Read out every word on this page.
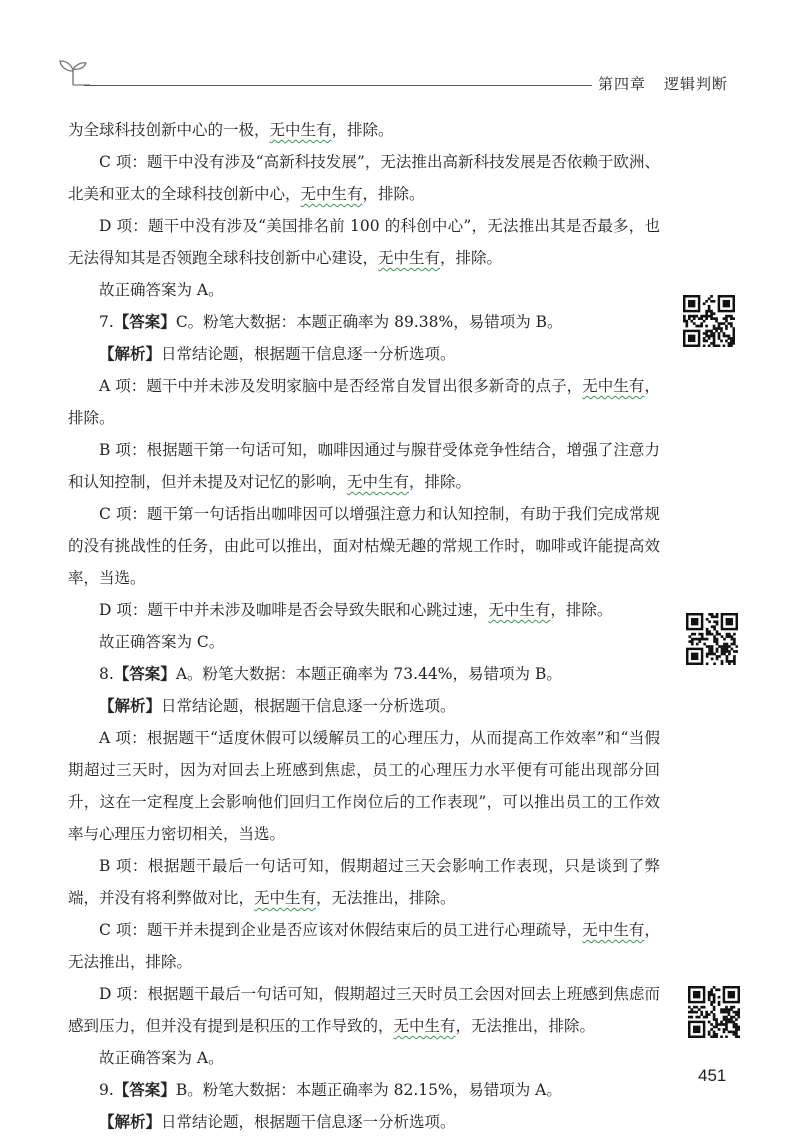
第四章 逻辑判断

为全球科技创新中心的一极，无中生有，排除。

C 项：题干中没有涉及“高新科技发展”，无法推出高新科技发展是否依赖于欧洲、北美和亚太的全球科技创新中心，无中生有，排除。

D 项：题干中没有涉及“美国排名前 100 的科创中心”，无法推出其是否最多，也无法得知其是否领跑全球科技创新中心建设，无中生有，排除。

故正确答案为 A。

7.【答案】C。粉笔大数据：本题正确率为 89.38%，易错项为 B。

【解析】日常结论题，根据题干信息逐一分析选项。

A 项：题干中并未涉及发明家脑中是否经常自发冒出很多新奇的点子，无中生有，排除。

B 项：根据题干第一句话可知，咖啡因通过与腺苷受体竞争性结合，增强了注意力和认知控制，但并未提及对记忆的影响，无中生有，排除。

C 项：题干第一句话指出咖啡因可以增强注意力和认知控制，有助于我们完成常规的没有挑战性的任务，由此可以推出，面对枯燥无趣的常规工作时，咖啡或许能提高效率，当选。

D 项：题干中并未涉及咖啡是否会导致失眠和心跳过速，无中生有，排除。

故正确答案为 C。

8.【答案】A。粉笔大数据：本题正确率为 73.44%，易错项为 B。

【解析】日常结论题，根据题干信息逐一分析选项。

A 项：根据题干“适度休假可以缓解员工的心理压力，从而提高工作效率”和“当假期超过三天时，因为对回去上班感到焦虑，员工的心理压力水平便有可能出现部分回升，这在一定程度上会影响他们回归工作岗位后的工作表现”，可以推出员工的工作效率与心理压力密切相关，当选。

B 项：根据题干最后一句话可知，假期超过三天会影响工作表现，只是谈到了弊端，并没有将利弊做对比，无中生有，无法推出，排除。

C 项：题干并未提到企业是否应该对休假结束后的员工进行心理疏导，无中生有，无法推出，排除。

D 项：根据题干最后一句话可知，假期超过三天时员工会因对回去上班感到焦虑而感到压力，但并没有提到是积压的工作导致的，无中生有，无法推出，排除。

故正确答案为 A。

9.【答案】B。粉笔大数据：本题正确率为 82.15%，易错项为 A。

【解析】日常结论题，根据题干信息逐一分析选项。

451
